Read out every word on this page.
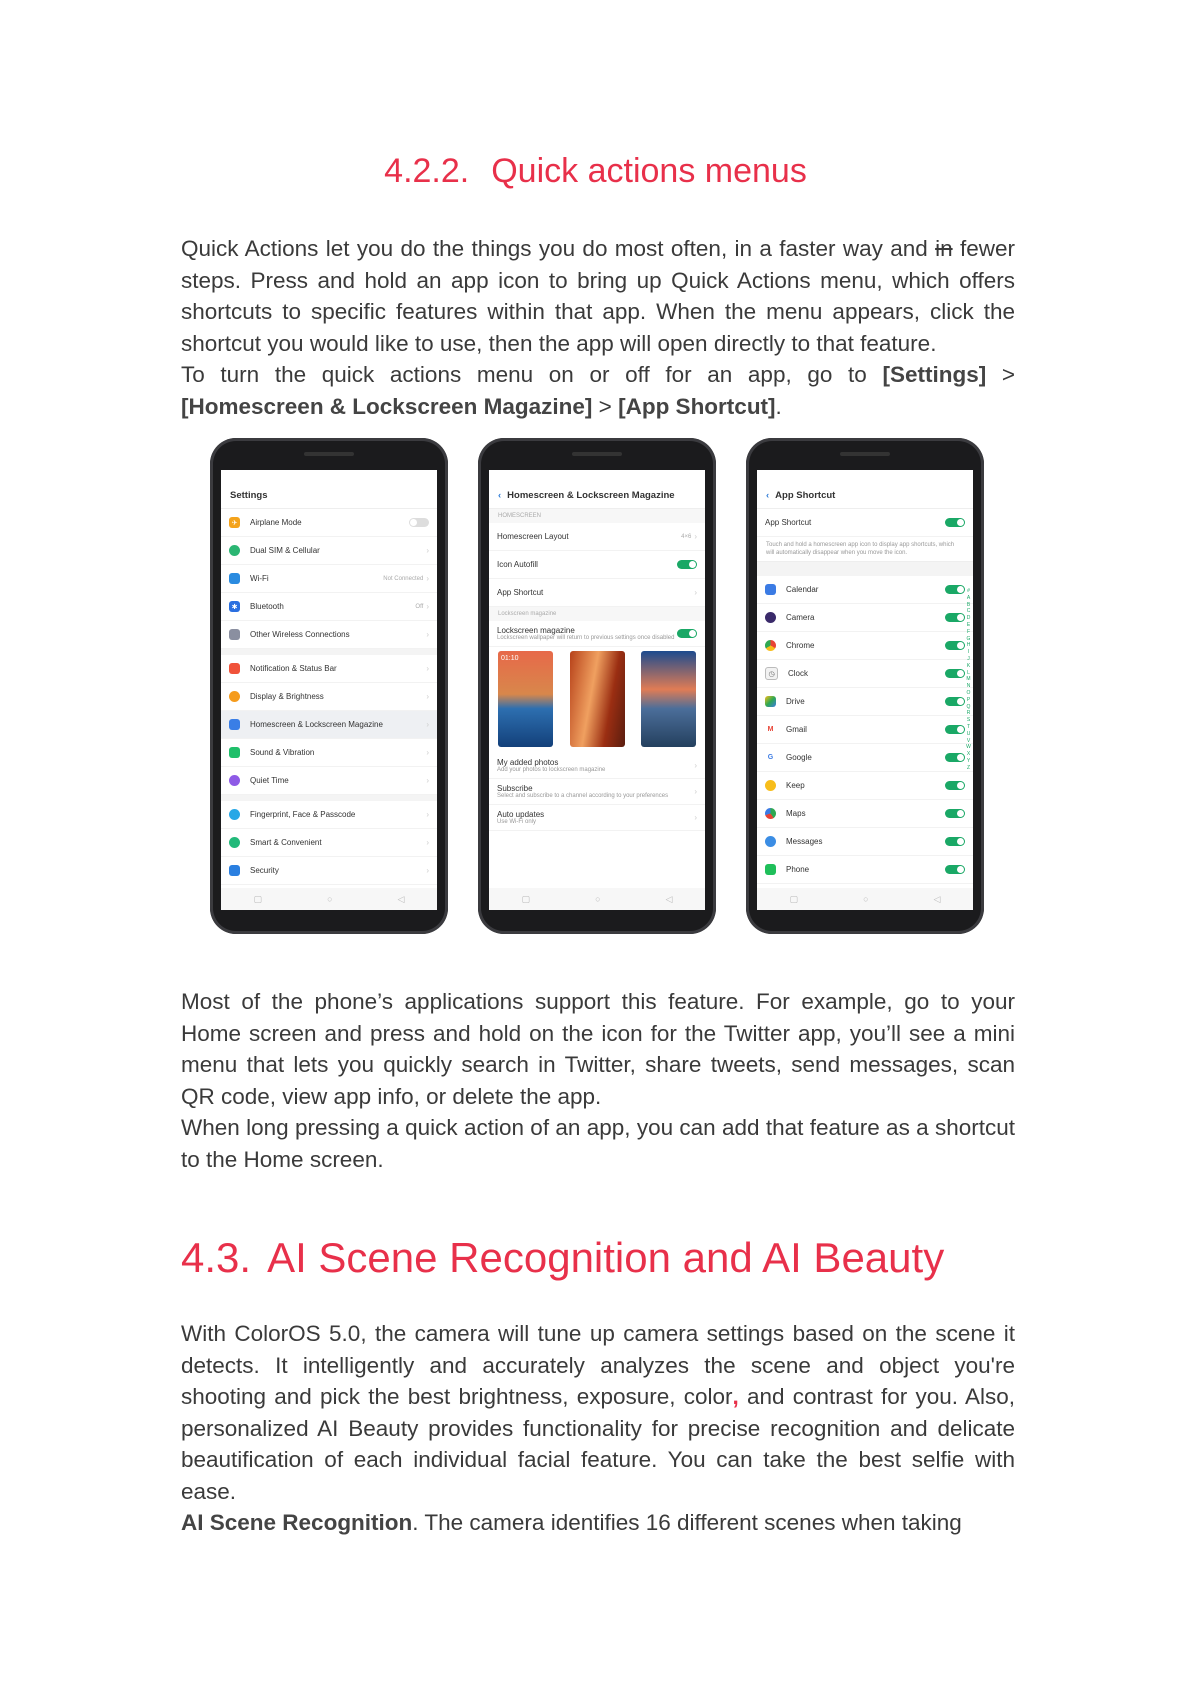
4.2.2. Quick actions menus

Quick Actions let you do the things you do most often, in a faster way and in fewer steps. Press and hold an app icon to bring up Quick Actions menu, which offers shortcuts to specific features within that app. When the menu appears, click the shortcut you would like to use, then the app will open directly to that feature.

To turn the quick actions menu on or off for an app, go to [Settings] > [Homescreen & Lockscreen Magazine] > [App Shortcut].

Settings
✈	Airplane Mode
Dual SIM & Cellular	›
Wi-Fi	Not Connected ›
✱	Bluetooth	Off ›
Other Wireless Connections	›
Notification & Status Bar	›
Display & Brightness	›
Homescreen & Lockscreen Magazine	›
Sound & Vibration	›
Quiet Time	›
Fingerprint, Face & Passcode	›
Smart & Convenient	›
Security	›
▢	○	◁
‹ Homescreen & Lockscreen Magazine
HOMESCREEN
Homescreen Layout	4×6 ›
Icon Autofill
App Shortcut	›
Lockscreen magazine
Lockscreen magazine
Lockscreen wallpaper will return to previous settings once disabled
01:10
My added photos
Add your photos to lockscreen magazine	›
Subscribe
Select and subscribe to a channel according to your preferences	›
Auto updates
Use Wi-Fi only	›
▢	○	◁
‹ App Shortcut
App Shortcut
Touch and hold a homescreen app icon to display app shortcuts, which will automatically disappear when you move the icon.
Calendar
Camera
Chrome
◷	Clock
Drive
M	Gmail
G	Google
Keep
Maps
Messages
Phone
#
A
B
C
D
E
F
G
H
I
J
K
L
M
N
O
P
Q
R
S
T
U
V
W
X
Y
Z
▢	○	◁

Most of the phone’s applications support this feature. For example, go to your Home screen and press and hold on the icon for the Twitter app, you’ll see a mini menu that lets you quickly search in Twitter, share tweets, send messages, scan QR code, view app info, or delete the app.

When long pressing a quick action of an app, you can add that feature as a shortcut to the Home screen.

4.3. AI Scene Recognition and AI Beauty

With ColorOS 5.0, the camera will tune up camera settings based on the scene it detects. It intelligently and accurately analyzes the scene and object you're shooting and pick the best brightness, exposure, color, and contrast for you. Also, personalized AI Beauty provides functionality for precise recognition and delicate beautification of each individual facial feature. You can take the best selfie with ease.

AI Scene Recognition. The camera identifies 16 different scenes when taking
